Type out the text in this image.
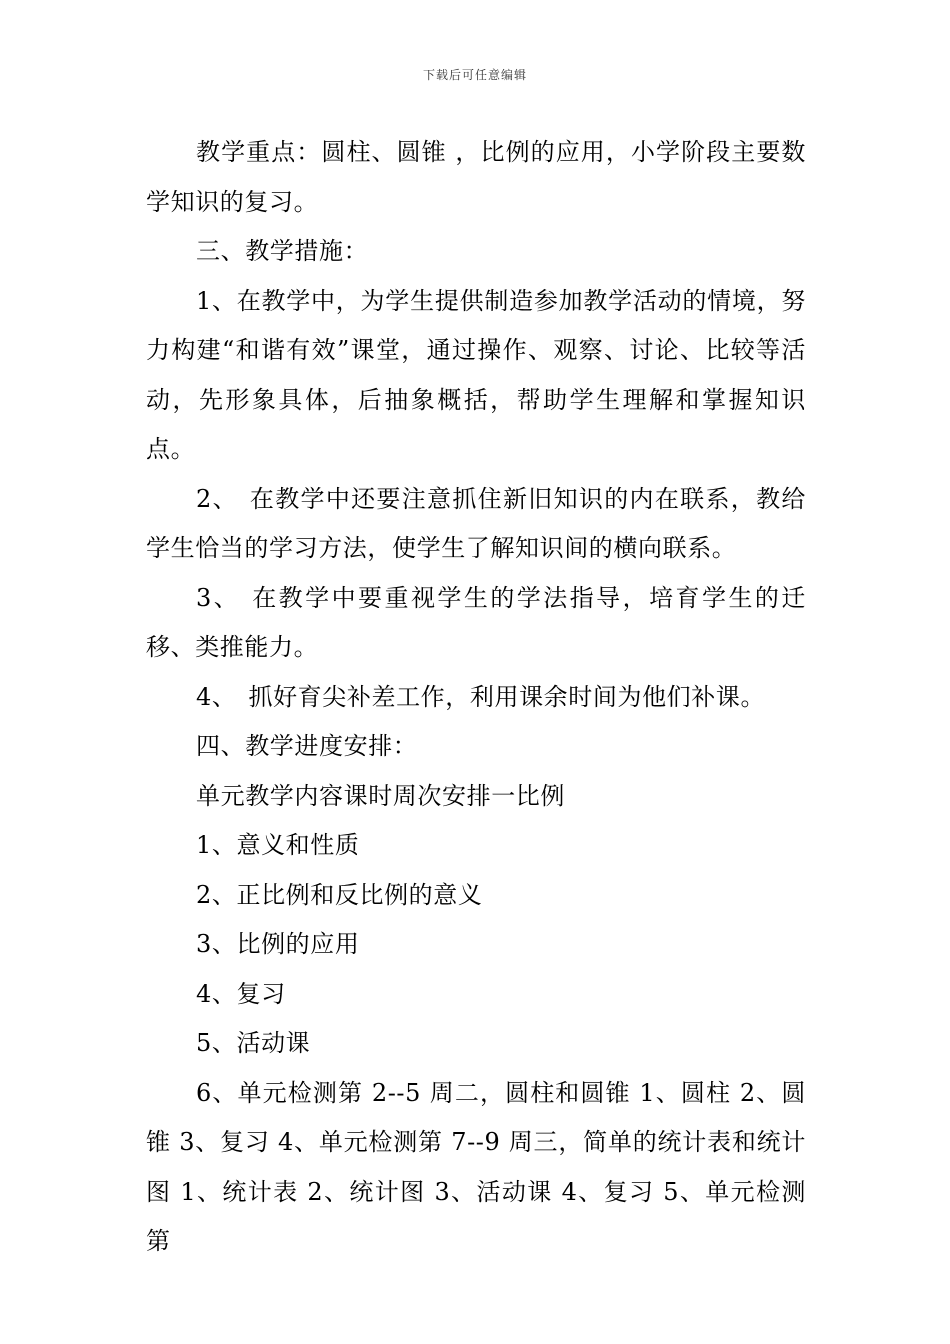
下载后可任意编辑

教学重点：圆柱、圆锥 ，比例的应用，小学阶段主要数学知识的复习。

三、教学措施：

1、在教学中，为学生提供制造参加教学活动的情境，努力构建“和谐有效”课堂，通过操作、观察、讨论、比较等活动，先形象具体，后抽象概括，帮助学生理解和掌握知识点。

2、 在教学中还要注意抓住新旧知识的内在联系，教给学生恰当的学习方法，使学生了解知识间的横向联系。

3、 在教学中要重视学生的学法指导，培育学生的迁移、类推能力。

4、 抓好育尖补差工作，利用课余时间为他们补课。

四、教学进度安排：

单元教学内容课时周次安排一比例

1、意义和性质

2、正比例和反比例的意义

3、比例的应用

4、复习

5、活动课

6、单元检测第 2--5 周二，圆柱和圆锥 1、圆柱 2、圆锥 3、复习 4、单元检测第 7--9 周三，简单的统计表和统计图 1、统计表 2、统计图 3、活动课 4、复习 5、单元检测第
